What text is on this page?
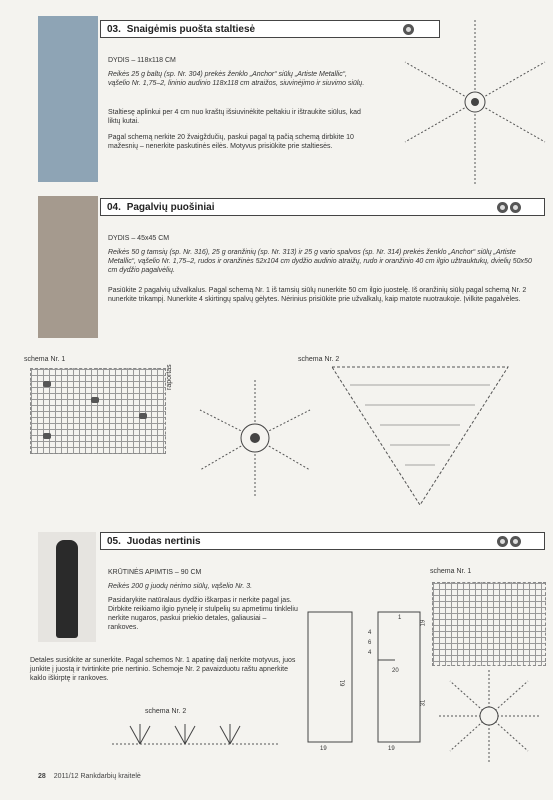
03. Snaigėmis puošta staltiesė
DYDIS – 118x118 CM
Reikės 25 g baltų (sp. Nr. 304) prekės ženklo „Anchor“ siūlų „Artiste Metallic“, vąšelio Nr. 1,75–2, lininio audinio 118x118 cm atraižos, siuvinėjimo ir siuvimo siūlų.
Staltiesę aplinkui per 4 cm nuo kraštų išsiuvinėkite peltakiu ir ištraukite siūlus, kad liktų kutai.
Pagal schemą nerkite 20 žvaigždučių, paskui pagal tą pačią schemą dirbkite 10 mažesnių – nenerkite paskutinės eilės. Motyvus prisiūkite prie staltiesės.
04. Pagalvių puošiniai
DYDIS – 45x45 CM
Reikės 50 g tamsių (sp. Nr. 316), 25 g oranžinių (sp. Nr. 313) ir 25 g vario spalvos (sp. Nr. 314) prekės ženklo „Anchor“ siūlų „Artiste Metallic“, vąšelio Nr. 1,75–2, rudos ir oranžinės 52x104 cm dydžio audinio atraižų, rudo ir oranžinio 40 cm ilgio užtrauktukų, dvielių 50x50 cm dydžio pagalvėlių.
Pasiūkite 2 pagalvių užvalkalus. Pagal schemą Nr. 1 iš tamsių siūlų nunerkite 50 cm ilgio juostelę. Iš oranžinių siūlų pagal schemą Nr. 2 nunerkite trikampį. Nunerkite 4 skirtingų spalvų gėlytes. Nėrinius prisiūkite prie užvalkalų, kaip matote nuotraukoje. Įvilkite pagalvėles.
schema Nr. 1
raportas
schema Nr. 2
05. Juodas nertinis
KRŪTINĖS APIMTIS – 90 CM
Reikės 200 g juodų nėrimo siūlų, vąšelio Nr. 3.
Pasidarykite natūralaus dydžio iškarpas ir nerkite pagal jas. Dirbkite reikiamo ilgio pynelę ir stulpelių su apmetimu tinkleliu nerkite nugaros, paskui priekio detales, galiausiai – rankoves.
Detales susiūkite ar sunerkite. Pagal schemos Nr. 1 apatinę dalį nerkite motyvus, juos junkite į juostą ir tvirtinkite prie nertinio. Schemoje Nr. 2 pavaizduotu raštu apnerkite kaklo iškirptę ir rankoves.
schema Nr. 2
61
19	19
20
31
4
6
4
1
19
schema Nr. 1
28 2011/12 Rankdarbių kraitelė
